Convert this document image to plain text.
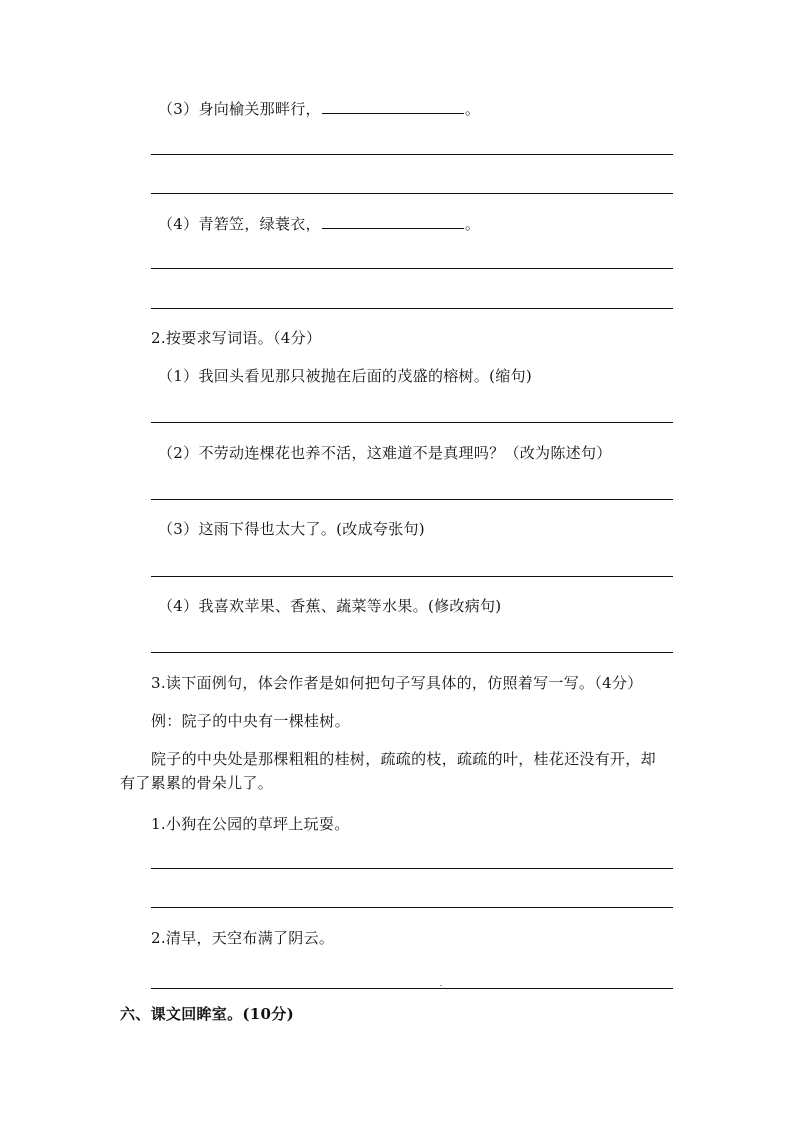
（3）身向榆关那畔行，	。
（4）青箬笠，绿蓑衣，	。
2.按要求写词语。（4分）
（1）我回头看见那只被抛在后面的茂盛的榕树。(缩句)
（2）不劳动连棵花也养不活，这难道不是真理吗？（改为陈述句）
（3）这雨下得也太大了。(改成夸张句)
（4）我喜欢苹果、香蕉、蔬菜等水果。(修改病句)
3.读下面例句，体会作者是如何把句子写具体的，仿照着写一写。（4分）
例：院子的中央有一棵桂树。
院子的中央处是那棵粗粗的桂树，疏疏的枝，疏疏的叶，桂花还没有开，却
有了累累的骨朵儿了。
1.小狗在公园的草坪上玩耍。
2.清早，天空布满了阴云。
六、课文回眸室。(10分)
